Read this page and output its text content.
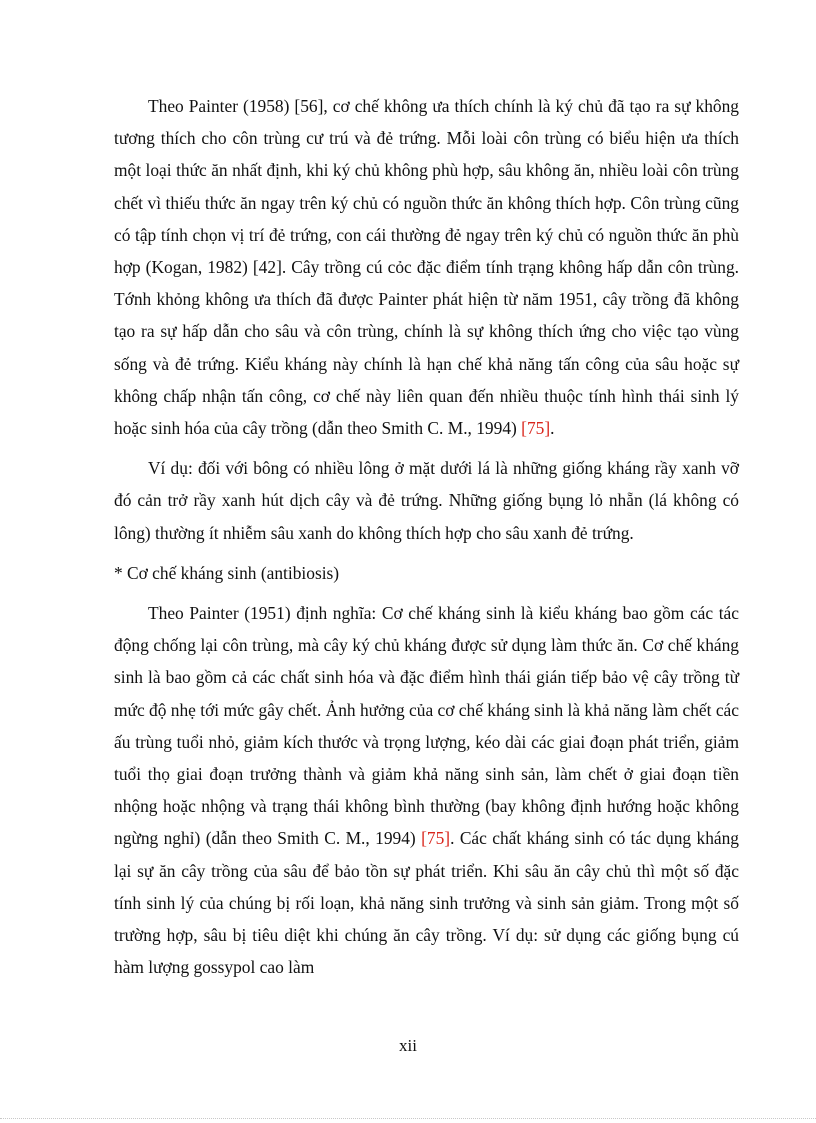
Theo Painter (1958) [56], cơ chế không ưa thích chính là ký chủ đã tạo ra sự không tương thích cho côn trùng cư trú và đẻ trứng. Mỗi loài côn trùng có biểu hiện ưa thích một loại thức ăn nhất định, khi ký chủ không phù hợp, sâu không ăn, nhiều loài côn trùng chết vì thiếu thức ăn ngay trên ký chủ có nguồn thức ăn không thích hợp. Côn trùng cũng có tập tính chọn vị trí đẻ trứng, con cái thường đẻ ngay trên ký chủ có nguồn thức ăn phù hợp (Kogan, 1982) [42]. Cây trồng cú cỏc đặc điểm tính trạng không hấp dẫn côn trùng. Tớnh khỏng không ưa thích đã được Painter phát hiện từ năm 1951, cây trồng đã không tạo ra sự hấp dẫn cho sâu và côn trùng, chính là sự không thích ứng cho việc tạo vùng sống và đẻ trứng. Kiểu kháng này chính là hạn chế khả năng tấn công của sâu hoặc sự không chấp nhận tấn công, cơ chế này liên quan đến nhiều thuộc tính hình thái sinh lý hoặc sinh hóa của cây trồng (dẫn theo Smith C. M., 1994) [75].

Ví dụ: đối với bông có nhiều lông ở mặt dưới lá là những giống kháng rầy xanh vỡ đó cản trở rầy xanh hút dịch cây và đẻ trứng. Những giống bụng lỏ nhẵn (lá không có lông) thường ít nhiễm sâu xanh do không thích hợp cho sâu xanh đẻ trứng.

* Cơ chế kháng sinh (antibiosis)

Theo Painter (1951) định nghĩa: Cơ chế kháng sinh là kiểu kháng bao gồm các tác động chống lại côn trùng, mà cây ký chủ kháng được sử dụng làm thức ăn. Cơ chế kháng sinh là bao gồm cả các chất sinh hóa và đặc điểm hình thái gián tiếp bảo vệ cây trồng từ mức độ nhẹ tới mức gây chết. Ảnh hưởng của cơ chế kháng sinh là khả năng làm chết các ấu trùng tuổi nhỏ, giảm kích thước và trọng lượng, kéo dài các giai đoạn phát triển, giảm tuổi thọ giai đoạn trưởng thành và giảm khả năng sinh sản, làm chết ở giai đoạn tiền nhộng hoặc nhộng và trạng thái không bình thường (bay không định hướng hoặc không ngừng nghỉ) (dẫn theo Smith C. M., 1994) [75]. Các chất kháng sinh có tác dụng kháng lại sự ăn cây trồng của sâu để bảo tồn sự phát triển. Khi sâu ăn cây chủ thì một số đặc tính sinh lý của chúng bị rối loạn, khả năng sinh trưởng và sinh sản giảm. Trong một số trường hợp, sâu bị tiêu diệt khi chúng ăn cây trồng. Ví dụ: sử dụng các giống bụng cú hàm lượng gossypol cao làm

xii
